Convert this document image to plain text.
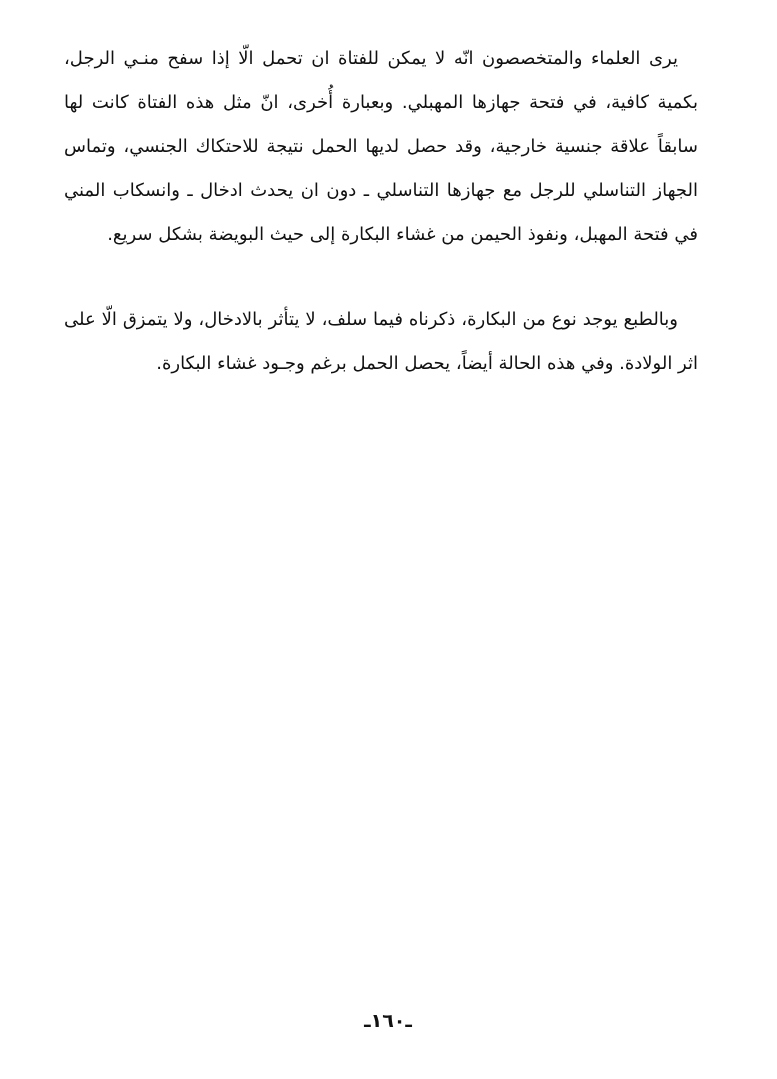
يرى العلماء والمتخصصون انّه لا يمكن للفتاة ان تحمل الّا إذا سفح منـي الرجل، بكمية كافية، في فتحة جهازها المهبلي. وبعبارة أُخرى، انّ مثل هذه الفتاة كانت لها سابقاً علاقة جنسية خارجية، وقد حصل لديها الحمل نتيجة للاحتكاك الجنسي، وتماس الجهاز التناسلي للرجل مع جهازها التناسلي ـ دون ان يحدث ادخال ـ وانسكاب المني في فتحة المهبل، ونفوذ الحيمن من غشاء البكارة إلى حيث البويضة بشكل سريع.

وبالطبع يوجد نوع من البكارة، ذكرناه فيما سلف، لا يتأثر بالادخال، ولا يتمزق الّا على اثر الولادة. وفي هذه الحالة أيضاً، يحصل الحمل برغم وجـود غشاء البكارة.

ـ١٦٠ـ
